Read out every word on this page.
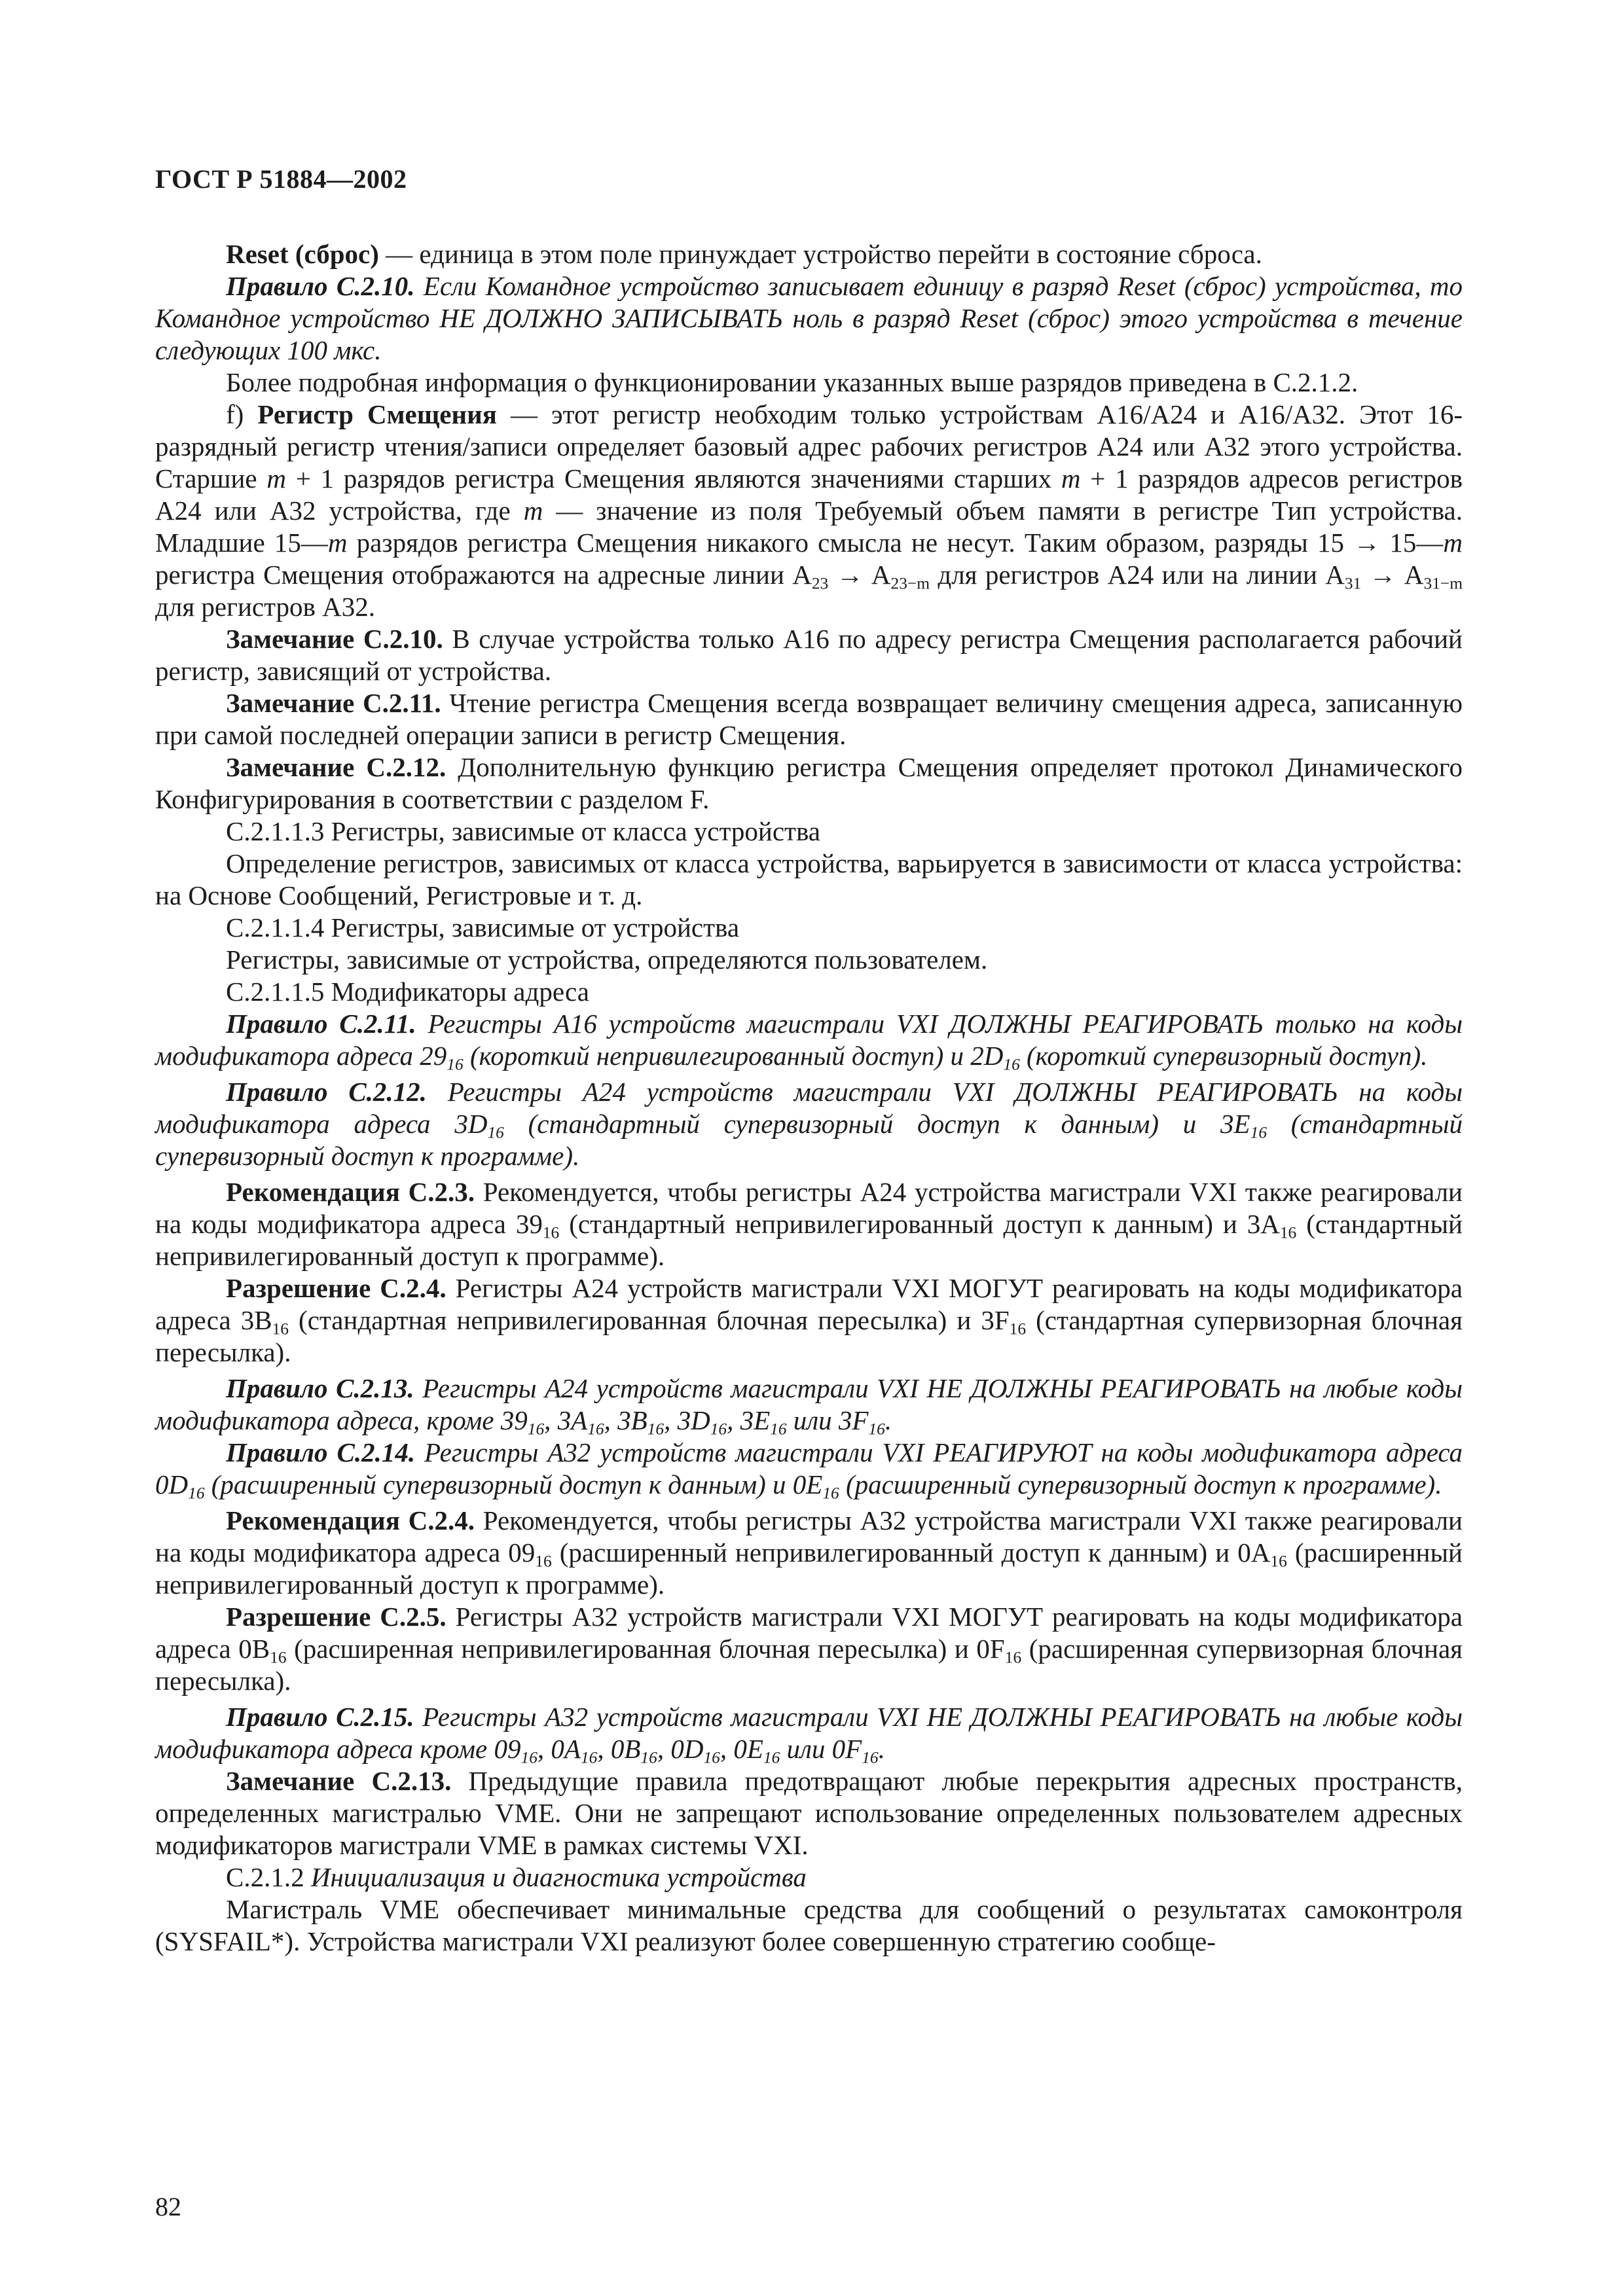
ГОСТ Р 51884—2002

Reset (сброс) — единица в этом поле принуждает устройство перейти в состояние сброса.

Правило С.2.10. Если Командное устройство записывает единицу в разряд Reset (сброс) устройства, то Командное устройство НЕ ДОЛЖНО ЗАПИСЫВАТЬ ноль в разряд Reset (сброс) этого устройства в течение следующих 100 мкс.

Более подробная информация о функционировании указанных выше разрядов приведена в С.2.1.2.

f) Регистр Смещения — этот регистр необходим только устройствам А16/А24 и А16/А32. Этот 16-разрядный регистр чтения/записи определяет базовый адрес рабочих регистров А24 или А32 этого устройства. Старшие m + 1 разрядов регистра Смещения являются значениями старших m + 1 разрядов адресов регистров А24 или А32 устройства, где m — значение из поля Требуемый объем памяти в регистре Тип устройства. Младшие 15—m разрядов регистра Смещения никакого смысла не несут. Таким образом, разряды 15 → 15—m регистра Смещения отображаются на адресные линии $А_{23} \to А_{23-m}$ для регистров А24 или на линии $А_{31} \to А_{31-m}$ для регистров А32.

Замечание С.2.10. В случае устройства только А16 по адресу регистра Смещения располагается рабочий регистр, зависящий от устройства.

Замечание С.2.11. Чтение регистра Смещения всегда возвращает величину смещения адреса, записанную при самой последней операции записи в регистр Смещения.

Замечание С.2.12. Дополнительную функцию регистра Смещения определяет протокол Динамического Конфигурирования в соответствии с разделом F.

С.2.1.1.3 Регистры, зависимые от класса устройства

Определение регистров, зависимых от класса устройства, варьируется в зависимости от класса устройства: на Основе Сообщений, Регистровые и т. д.

С.2.1.1.4 Регистры, зависимые от устройства

Регистры, зависимые от устройства, определяются пользователем.

С.2.1.1.5 Модификаторы адреса

Правило С.2.11. Регистры А16 устройств магистрали VXI ДОЛЖНЫ РЕАГИРОВАТЬ только на коды модификатора адреса $29_{16}$ (короткий непривилегированный доступ) и $2D_{16}$ (короткий супервизорный доступ).

Правило С.2.12. Регистры А24 устройств магистрали VXI ДОЛЖНЫ РЕАГИРОВАТЬ на коды модификатора адреса $3D_{16}$ (стандартный супервизорный доступ к данным) и $3Е_{16}$ (стандартный супервизорный доступ к программе).

Рекомендация С.2.3. Рекомендуется, чтобы регистры А24 устройства магистрали VXI также реагировали на коды модификатора адреса $39_{16}$ (стандартный непривилегированный доступ к данным) и $3А_{16}$ (стандартный непривилегированный доступ к программе).

Разрешение С.2.4. Регистры А24 устройств магистрали VXI МОГУТ реагировать на коды модификатора адреса $3В_{16}$ (стандартная непривилегированная блочная пересылка) и $3F_{16}$ (стандартная супервизорная блочная пересылка).

Правило С.2.13. Регистры А24 устройств магистрали VXI НЕ ДОЛЖНЫ РЕАГИРОВАТЬ на любые коды модификатора адреса, кроме $39_{16}$, $3А_{16}$, $3В_{16}$, $3D_{16}$, $3Е_{16}$ или $3F_{16}$.

Правило С.2.14. Регистры А32 устройств магистрали VXI РЕАГИРУЮТ на коды модификатора адреса $0D_{16}$ (расширенный супервизорный доступ к данным) и $0Е_{16}$ (расширенный супервизорный доступ к программе).

Рекомендация С.2.4. Рекомендуется, чтобы регистры А32 устройства магистрали VXI также реагировали на коды модификатора адреса $09_{16}$ (расширенный непривилегированный доступ к данным) и $0А_{16}$ (расширенный непривилегированный доступ к программе).

Разрешение С.2.5. Регистры А32 устройств магистрали VXI МОГУТ реагировать на коды модификатора адреса $0В_{16}$ (расширенная непривилегированная блочная пересылка) и $0F_{16}$ (расширенная супервизорная блочная пересылка).

Правило С.2.15. Регистры А32 устройств магистрали VXI НЕ ДОЛЖНЫ РЕАГИРОВАТЬ на любые коды модификатора адреса кроме $09_{16}$, $0А_{16}$, $0В_{16}$, $0D_{16}$, $0Е_{16}$ или $0F_{16}$.

Замечание С.2.13. Предыдущие правила предотвращают любые перекрытия адресных пространств, определенных магистралью VME. Они не запрещают использование определенных пользователем адресных модификаторов магистрали VME в рамках системы VXI.

С.2.1.2 Инициализация и диагностика устройства

Магистраль VME обеспечивает минимальные средства для сообщений о результатах самоконтроля (SYSFAIL*). Устройства магистрали VXI реализуют более совершенную стратегию сообще-

82
